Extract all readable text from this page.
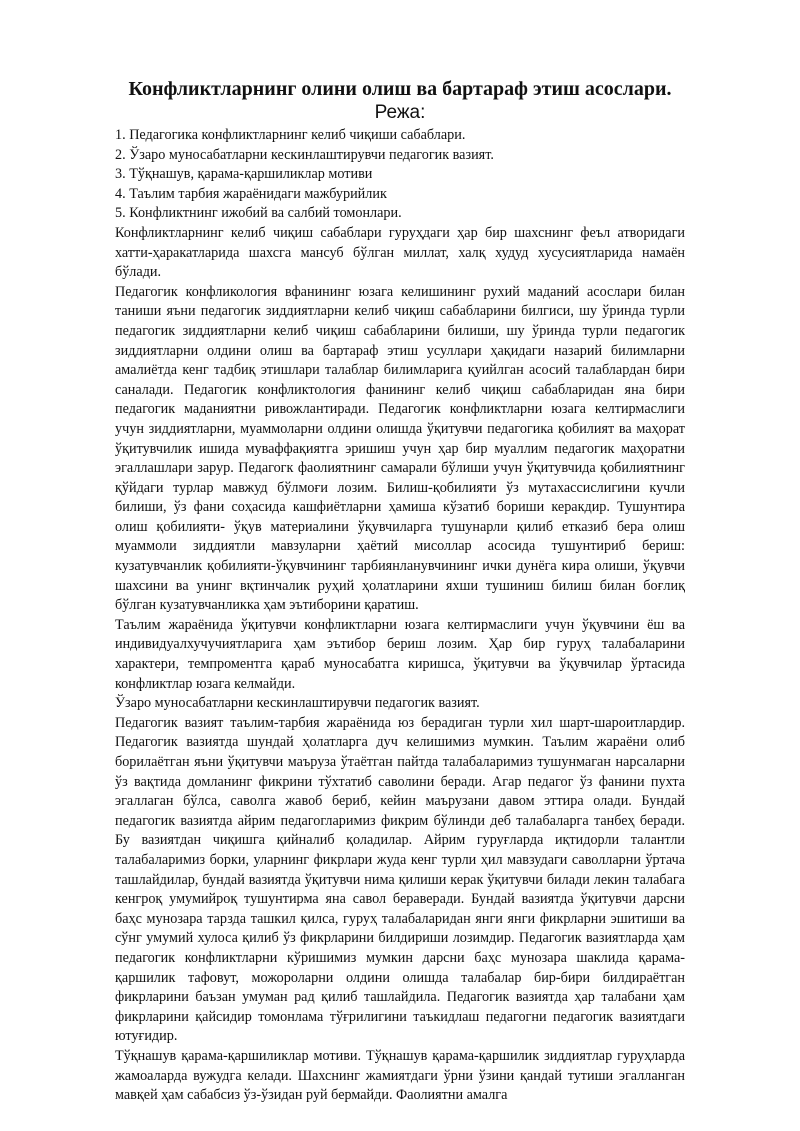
Конфликтларнинг олини олиш ва бартараф этиш асослари.
Режа:
1. Педагогика конфликтларнинг келиб чиқиши сабаблари.
2. Ўзаро муносабатларни кескинлаштирувчи педагогик вазият.
3. Тўқнашув, қарама-қаршиликлар мотиви
4. Таълим тарбия жараёнидаги мажбурийлик
5. Конфликтнинг ижобий ва салбий томонлари.

Конфликтларнинг келиб чиқиш сабаблари гуруҳдаги ҳар бир шахснинг феъл атворидаги хатти-ҳаракатларида шахсга мансуб бўлган миллат, халқ худуд хусусиятларида намаён бўлади.

Педагогик конфликология вфанининг юзага келишининг рухий маданий асослари билан таниши яъни педагогик зиддиятларни келиб чиқиш сабабларини билгиси, шу ўринда турли педагогик зиддиятларни келиб чиқиш сабабларини билиши, шу ўринда турли педагогик зиддиятларни олдини олиш ва бартараф этиш усуллари ҳақидаги назарий билимларни амалиётда кенг тадбиқ этишлари талаблар билимларига қуийлган асосий талаблардан бири саналади. Педагогик конфликтология фанининг келиб чиқиш сабабларидан яна бири педагогик маданиятни ривожлантиради. Педагогик конфликтларни юзага келтирмаслиги учун зиддиятларни, муаммоларни олдини олишда ўқитувчи педагогика қобилият ва маҳорат ўқитувчилик ишида муваффақиятга эришиш учун ҳар бир муаллим педагогик маҳоратни эгаллашлари зарур. Педагогк фаолиятнинг самарали бўлиши учун ўқитувчида қобилиятнинг қўйдаги турлар мавжуд бўлмоғи лозим. Билиш-қобилияти ўз мутахассислигини кучли билиши, ўз фани соҳасида кашфиётларни ҳамиша кўзатиб бориши керакдир. Тушунтира олиш қобилияти- ўқув материалини ўқувчиларга тушунарли қилиб етказиб бера олиш муаммоли зиддиятли мавзуларни ҳаётий мисоллар асосида тушунтириб бериш: кузатувчанлик қобилияти-ўқувчининг тарбиянланувчининг ички дунёга кира олиши, ўқувчи шахсини ва унинг вқтинчалик руҳий ҳолатларини яхши тушиниш билиш билан боғлиқ бўлган кузатувчанликка ҳам эътиборини қаратиш.

Таълим жараёнида ўқитувчи конфликтларни юзага келтирмаслиги учун ўқувчини ёш ва индивидуалхучучиятларига ҳам эътибор бериш лозим. Ҳар бир гуруҳ талабаларини характери, темпроментга қараб муносабатга киришса, ўқитувчи ва ўқувчилар ўртасида конфликтлар юзага келмайди.

Ўзаро муносабатларни кескинлаштирувчи педагогик вазият.

Педагогик вазият таълим-тарбия жараёнида юз берадиган турли хил шарт-шароитлардир. Педагогик вазиятда шундай ҳолатларга дуч келишимиз мумкин. Таълим жараёни олиб борилаётган яъни ўқитувчи маъруза ўтаётган пайтда талабаларимиз тушунмаган нарсаларни ўз вақтида домланинг фикрини тўхтатиб саволини беради. Агар педагог ўз фанини пухта эгаллаган бўлса, саволга жавоб бериб, кейин маърузани давом эттира олади. Бундай педагогик вазиятда айрим педагогларимиз фикрим бўлинди деб талабаларга танбеҳ беради. Бу вазиятдан чиқишга қийналиб қоладилар. Айрим гуруғларда иқтидорли талантли талабаларимиз борки, уларнинг фикрлари жуда кенг турли ҳил мавзудаги саволларни ўртача ташлайдилар, бундай вазиятда ўқитувчи нима қилиши керак ўқитувчи билади лекин талабага кенгроқ умумийроқ тушунтирма яна савол бераверади. Бундай вазиятда ўқитувчи дарсни баҳс мунозара тарзда ташкил қилса, гуруҳ талабаларидан янги янги фикрларни эшитиши ва сўнг умумий хулоса қилиб ўз фикрларини билдириши лозимдир. Педагогик вазиятларда ҳам педагогик конфликтларни кўришимиз мумкин дарсни баҳс мунозара шаклида қарама-қаршилик тафовут, можороларни олдини олишда талабалар бир-бири билдираётган фикрларини баъзан умуман рад қилиб ташлайдила. Педагогик вазиятда ҳар талабани ҳам фикрларини қайсидир томонлама тўғрилигини таъкидлаш педагогни педагогик вазиятдаги ютуғидир.

Тўқнашув қарама-қаршиликлар мотиви. Тўқнашув қарама-қаршилик зиддиятлар гуруҳларда жамоаларда вужудга келади. Шахснинг жамиятдаги ўрни ўзини қандай тутиши эгалланган мавқей ҳам сабабсиз ўз-ўзидан руй бермайди. Фаолиятни амалга
